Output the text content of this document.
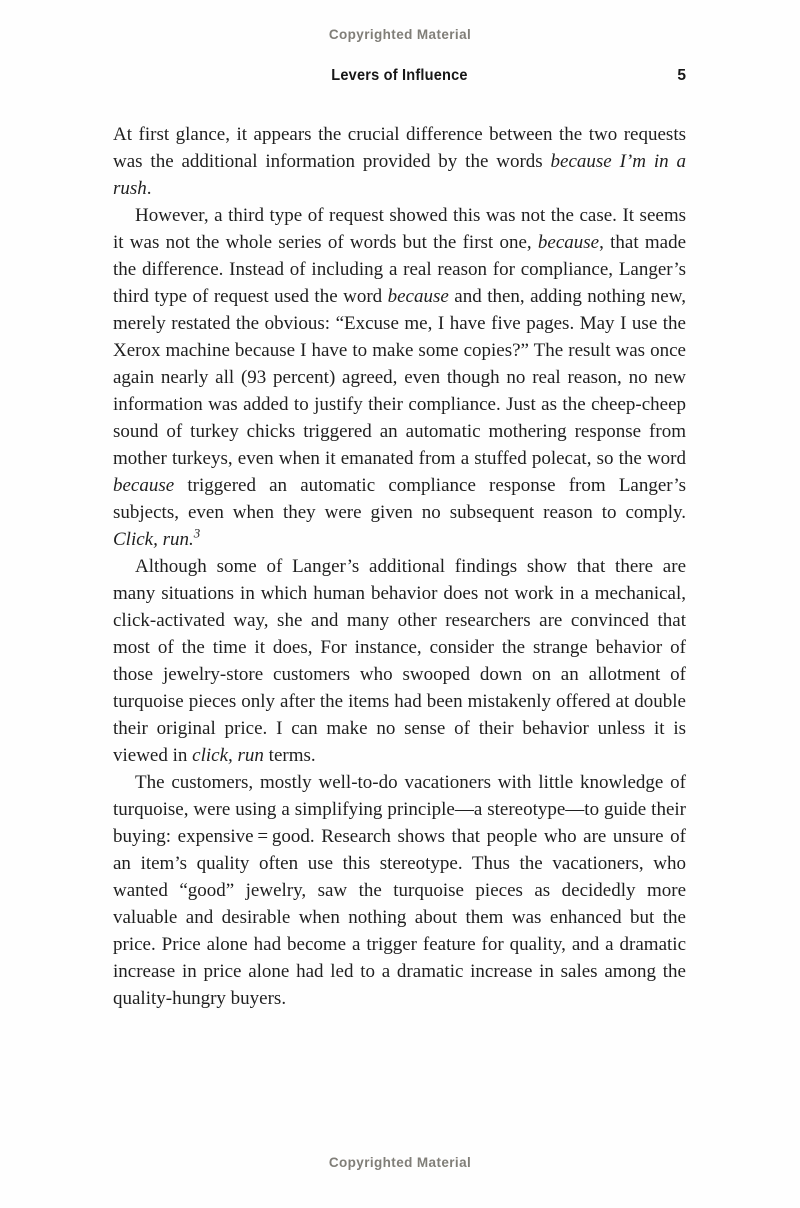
Copyrighted Material
Levers of Influence	5

At first glance, it appears the crucial difference between the two requests was the additional information provided by the words because I’m in a rush.

However, a third type of request showed this was not the case. It seems it was not the whole series of words but the first one, because, that made the difference. Instead of including a real reason for compliance, Langer’s third type of request used the word because and then, adding nothing new, merely restated the obvious: “Excuse me, I have five pages. May I use the Xerox machine because I have to make some copies?” The result was once again nearly all (93 percent) agreed, even though no real reason, no new information was added to justify their compliance. Just as the cheep-cheep sound of turkey chicks triggered an automatic mothering response from mother turkeys, even when it emanated from a stuffed polecat, so the word because triggered an automatic compliance response from Langer’s subjects, even when they were given no subsequent reason to comply. Click, run.$^3$

Although some of Langer’s additional findings show that there are many situations in which human behavior does not work in a mechanical, click-activated way, she and many other researchers are convinced that most of the time it does, For instance, consider the strange behavior of those jewelry-store customers who swooped down on an allotment of turquoise pieces only after the items had been mistakenly offered at double their original price. I can make no sense of their behavior unless it is viewed in click, run terms.

The customers, mostly well-to-do vacationers with little knowledge of turquoise, were using a simplifying principle—a stereotype—to guide their buying: expensive = good. Research shows that people who are unsure of an item’s quality often use this stereotype. Thus the vacationers, who wanted “good” jewelry, saw the turquoise pieces as decidedly more valuable and desirable when nothing about them was enhanced but the price. Price alone had become a trigger feature for quality, and a dramatic increase in price alone had led to a dramatic increase in sales among the quality-hungry buyers.

Copyrighted Material
